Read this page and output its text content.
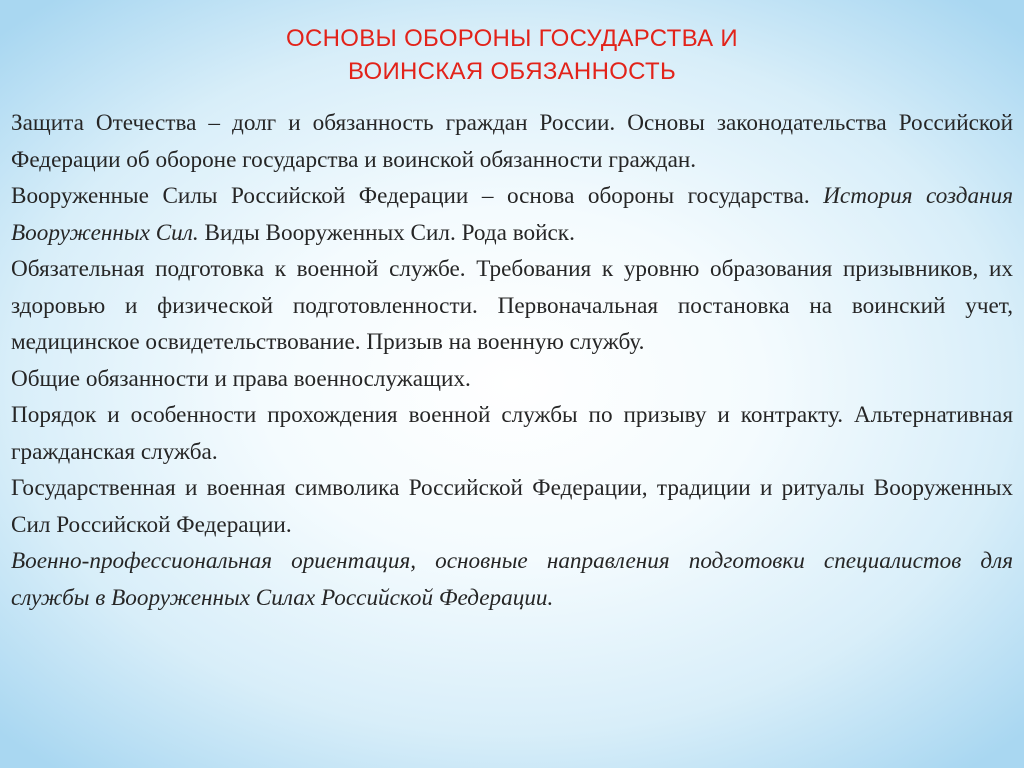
ОСНОВЫ ОБОРОНЫ ГОСУДАРСТВА И
ВОИНСКАЯ ОБЯЗАННОСТЬ

Защита Отечества – долг и обязанность граждан России. Основы законодательства Российской Федерации об обороне государства и воинской обязанности граждан.

Вооруженные Силы Российской Федерации – основа обороны государства. История создания Вооруженных Сил. Виды Вооруженных Сил. Рода войск.

Обязательная подготовка к военной службе. Требования к уровню образования призывников, их здоровью и физической подготовленности. Первоначальная постановка на воинский учет, медицинское освидетельствование. Призыв на военную службу.

Общие обязанности и права военнослужащих.

Порядок и особенности прохождения военной службы по призыву и контракту. Альтернативная гражданская служба.

Государственная и военная символика Российской Федерации, традиции и ритуалы Вооруженных Сил Российской Федерации.

Военно-профессиональная ориентация, основные направления подготовки специалистов для службы в Вооруженных Силах Российской Федерации.
